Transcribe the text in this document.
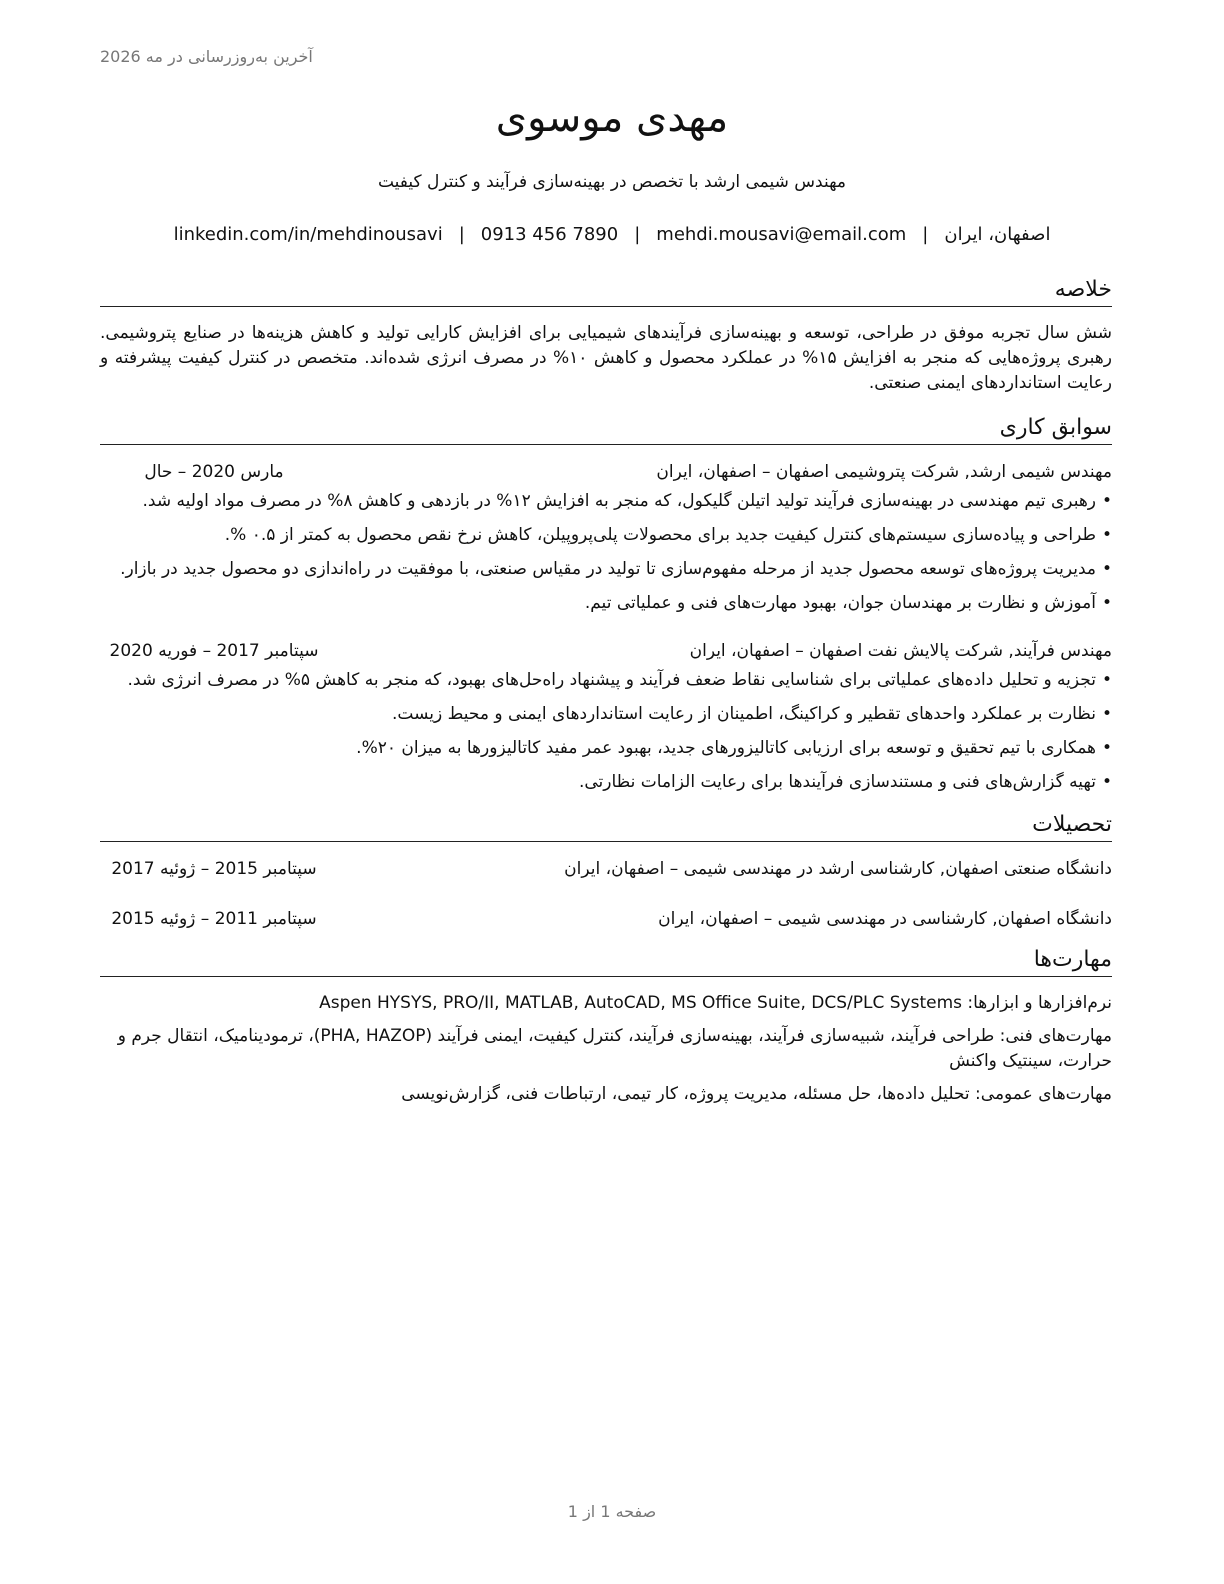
آخرین به‌روزرسانی در مه 2026
مهدی موسوی
مهندس شیمی ارشد با تخصص در بهینه‌سازی فرآیند و کنترل کیفیت
اصفهان، ایران
|
mehdi.mousavi@email.com
|
0913 456 7890
|
linkedin.com/in/mehdinousavi
خلاصه
شش سال تجربه موفق در طراحی، توسعه و بهینه‌سازی فرآیندهای شیمیایی برای افزایش کارایی تولید و کاهش هزینه‌ها در صنایع پتروشیمی. رهبری پروژه‌هایی که منجر به افزایش ۱۵% در عملکرد محصول و کاهش ۱۰% در مصرف انرژی شده‌اند. متخصص در کنترل کیفیت پیشرفته و رعایت استانداردهای ایمنی صنعتی.
سوابق کاری
مهندس شیمی ارشد, شرکت پتروشیمی اصفهان – اصفهان، ایران
مارس 2020 – حال
• رهبری تیم مهندسی در بهینه‌سازی فرآیند تولید اتیلن گلیکول، که منجر به افزایش ۱۲% در بازدهی و کاهش ۸% در مصرف مواد اولیه شد.
• طراحی و پیاده‌سازی سیستم‌های کنترل کیفیت جدید برای محصولات پلی‌پروپیلن، کاهش نرخ نقص محصول به کمتر از ۰.۵ %.
• مدیریت پروژه‌های توسعه محصول جدید از مرحله مفهوم‌سازی تا تولید در مقیاس صنعتی، با موفقیت در راه‌اندازی دو محصول جدید در بازار.
• آموزش و نظارت بر مهندسان جوان، بهبود مهارت‌های فنی و عملیاتی تیم.
مهندس فرآیند, شرکت پالایش نفت اصفهان – اصفهان، ایران
سپتامبر 2017 – فوریه 2020
• تجزیه و تحلیل داده‌های عملیاتی برای شناسایی نقاط ضعف فرآیند و پیشنهاد راه‌حل‌های بهبود، که منجر به کاهش ۵% در مصرف انرژی شد.
• نظارت بر عملکرد واحدهای تقطیر و کراکینگ، اطمینان از رعایت استانداردهای ایمنی و محیط زیست.
• همکاری با تیم تحقیق و توسعه برای ارزیابی کاتالیزورهای جدید، بهبود عمر مفید کاتالیزورها به میزان ۲۰%.
• تهیه گزارش‌های فنی و مستندسازی فرآیندها برای رعایت الزامات نظارتی.
تحصیلات
دانشگاه صنعتی اصفهان, کارشناسی ارشد در مهندسی شیمی – اصفهان، ایران
سپتامبر 2015 – ژوئیه 2017
دانشگاه اصفهان, کارشناسی در مهندسی شیمی – اصفهان، ایران
سپتامبر 2011 – ژوئیه 2015
مهارت‌ها
نرم‌افزارها و ابزارها: Aspen HYSYS, PRO/II, MATLAB, AutoCAD, MS Office Suite, DCS/PLC Systems
مهارت‌های فنی: طراحی فرآیند، شبیه‌سازی فرآیند، بهینه‌سازی فرآیند، کنترل کیفیت، ایمنی فرآیند (PHA, HAZOP)، ترمودینامیک، انتقال جرم و حرارت، سینتیک واکنش
مهارت‌های عمومی: تحلیل داده‌ها، حل مسئله، مدیریت پروژه، کار تیمی، ارتباطات فنی، گزارش‌نویسی
صفحه 1 از 1
